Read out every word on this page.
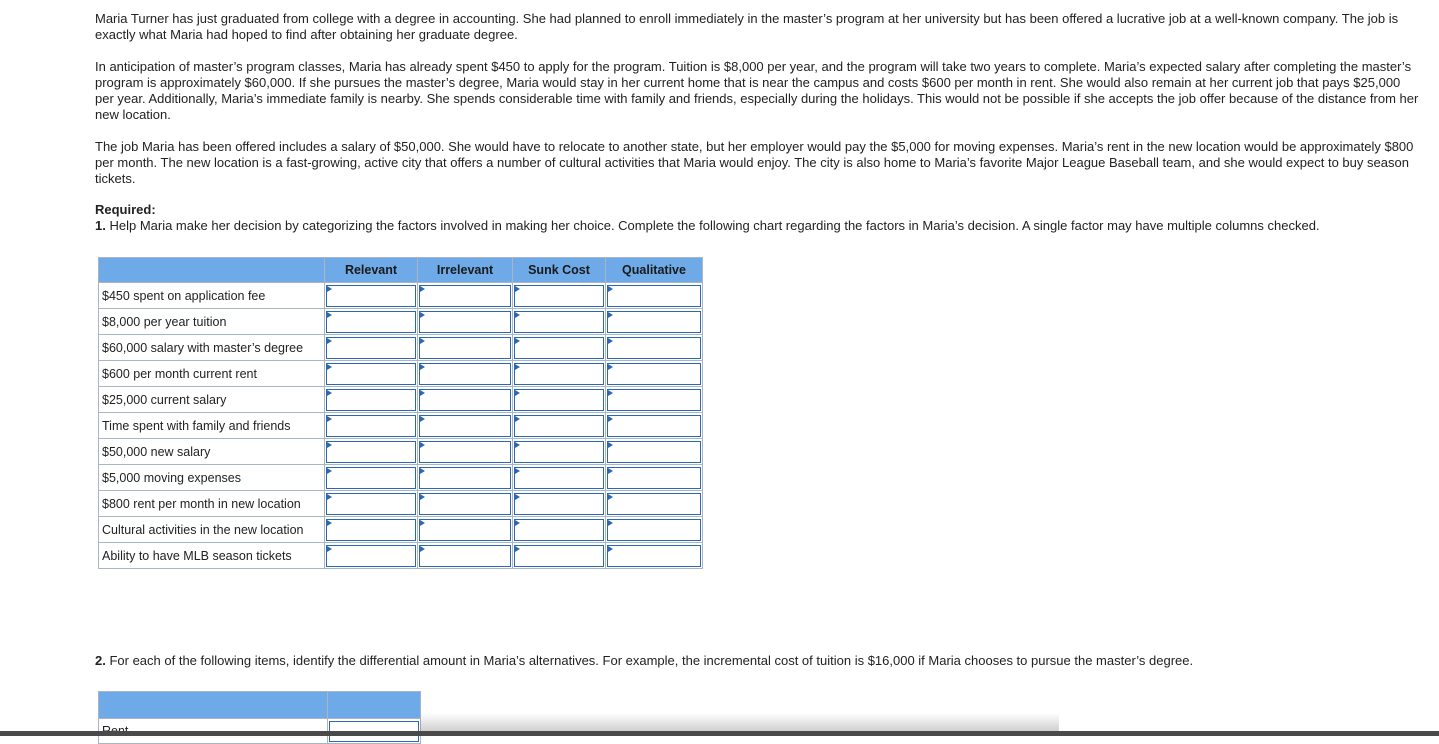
Maria Turner has just graduated from college with a degree in accounting. She had planned to enroll immediately in the master’s program at her university but has been offered a lucrative job at a well-known company. The job is exactly what Maria had hoped to find after obtaining her graduate degree.

In anticipation of master’s program classes, Maria has already spent $450 to apply for the program. Tuition is $8,000 per year, and the program will take two years to complete. Maria’s expected salary after completing the master’s program is approximately $60,000. If she pursues the master’s degree, Maria would stay in her current home that is near the campus and costs $600 per month in rent. She would also remain at her current job that pays $25,000 per year. Additionally, Maria’s immediate family is nearby. She spends considerable time with family and friends, especially during the holidays. This would not be possible if she accepts the job offer because of the distance from her new location.

The job Maria has been offered includes a salary of $50,000. She would have to relocate to another state, but her employer would pay the $5,000 for moving expenses. Maria’s rent in the new location would be approximately $800 per month. The new location is a fast-growing, active city that offers a number of cultural activities that Maria would enjoy. The city is also home to Maria’s favorite Major League Baseball team, and she would expect to buy season tickets.

Required:

1. Help Maria make her decision by categorizing the factors involved in making her choice. Complete the following chart regarding the factors in Maria’s decision. A single factor may have multiple columns checked.

	Relevant	Irrelevant	Sunk Cost	Qualitative
$450 spent on application fee	

$8,000 per year tuition	

$60,000 salary with master’s degree	

$600 per month current rent	

$25,000 current salary	

Time spent with family and friends	

$50,000 new salary	

$5,000 moving expenses	

$800 rent per month in new location	

Cultural activities in the new location	

Ability to have MLB season tickets	

2. For each of the following items, identify the differential amount in Maria’s alternatives. For example, the incremental cost of tuition is $16,000 if Maria chooses to pursue the master’s degree.
